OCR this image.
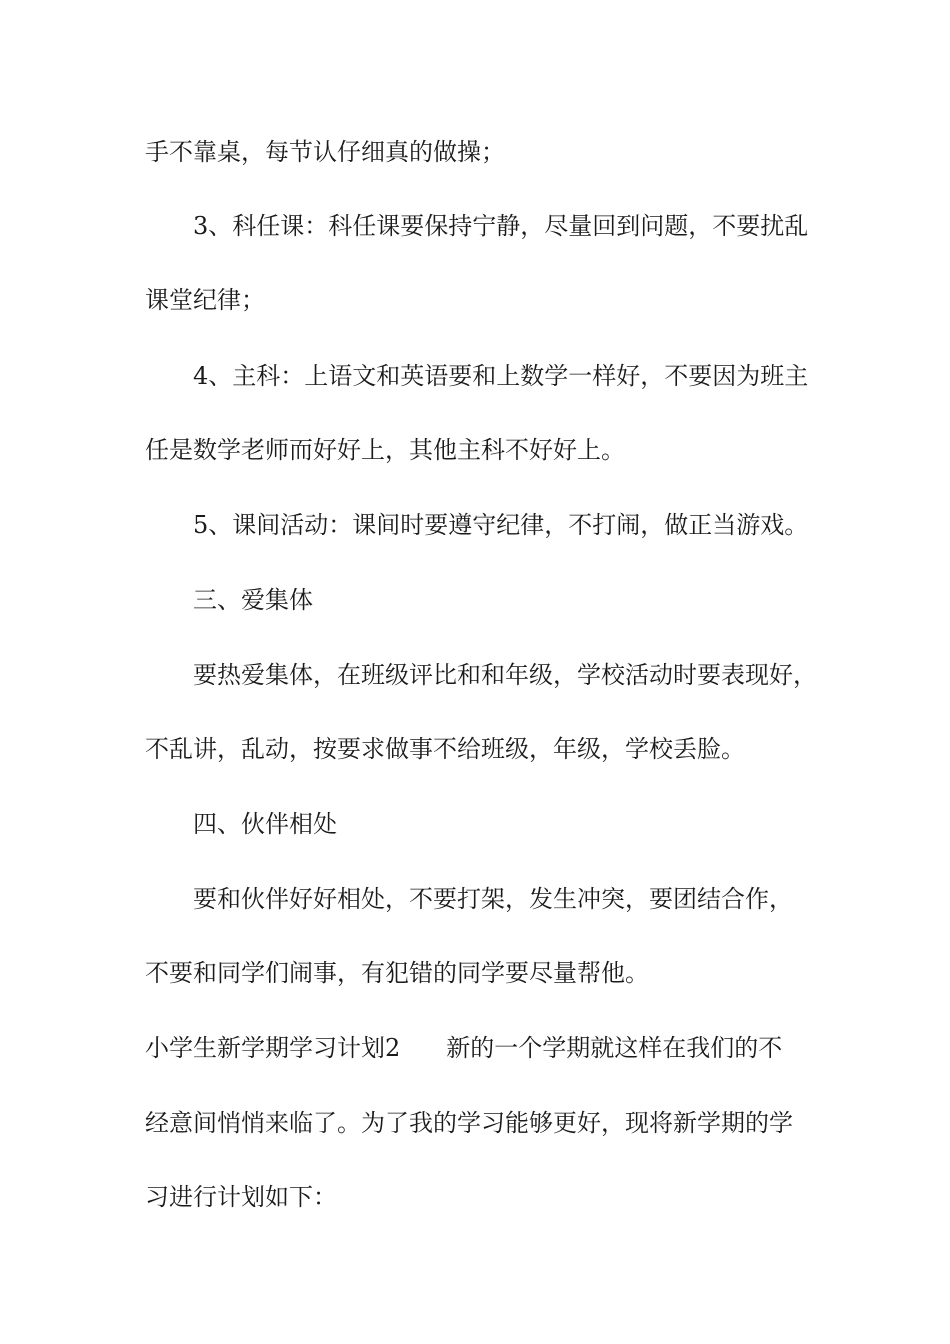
手不靠桌，每节认仔细真的做操；
3、科任课：科任课要保持宁静，尽量回到问题，不要扰乱
课堂纪律；
4、主科：上语文和英语要和上数学一样好，不要因为班主
任是数学老师而好好上，其他主科不好好上。
5、课间活动：课间时要遵守纪律，不打闹，做正当游戏。
三、爱集体
要热爱集体，在班级评比和和年级，学校活动时要表现好，
不乱讲，乱动，按要求做事不给班级，年级，学校丢脸。
四、伙伴相处
要和伙伴好好相处，不要打架，发生冲突，要团结合作，
不要和同学们闹事，有犯错的同学要尽量帮他。
小学生新学期学习计划2 新的一个学期就这样在我们的不
经意间悄悄来临了。为了我的学习能够更好，现将新学期的学
习进行计划如下：
